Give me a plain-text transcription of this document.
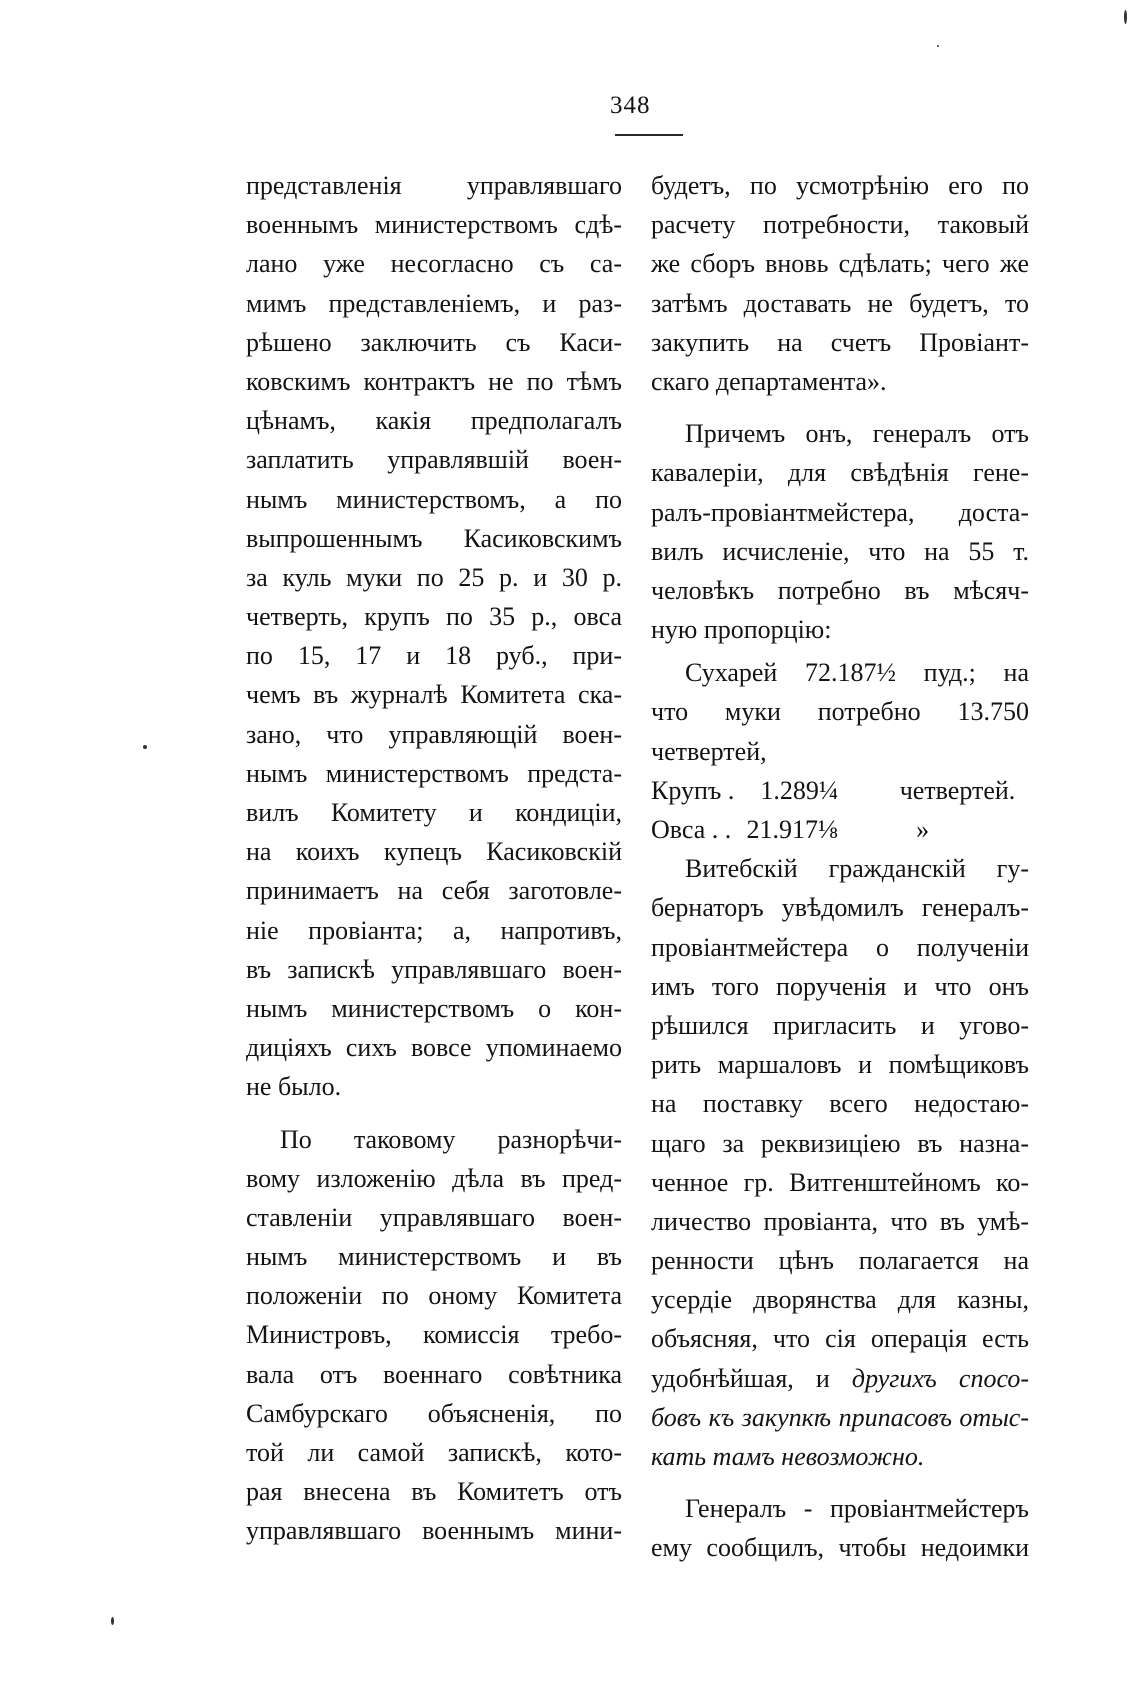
348
представленія управлявшаго
военнымъ министерствомъ сдѣ-
лано уже несогласно съ са-
мимъ представленіемъ, и раз-
рѣшено заключить съ Каси-
ковскимъ контрактъ не по тѣмъ
цѣнамъ, какія предполагалъ
заплатить управлявшій воен-
нымъ министерствомъ, а по
выпрошеннымъ Касиковскимъ
за куль муки по 25 р. и 30 р.
четверть, крупъ по 35 р., овса
по 15, 17 и 18 руб., при-
чемъ въ журналѣ Комитета ска-
зано, что управляющій воен-
нымъ министерствомъ предста-
вилъ Комитету и кондиціи,
на коихъ купецъ Касиковскій
принимаетъ на себя заготовле-
ніе провіанта; а, напротивъ,
въ запискѣ управлявшаго воен-
нымъ министерствомъ о кон-
диціяхъ сихъ вовсе упоминаемо
не было.
По таковому разнорѣчи-
вому изложенію дѣла въ пред-
ставленіи управлявшаго воен-
нымъ министерствомъ и въ
положеніи по оному Комитета
Министровъ, комиссія требо-
вала отъ военнаго совѣтника
Самбурскаго объясненія, по
той ли самой запискѣ, кото-
рая внесена въ Комитетъ отъ
управлявшаго военнымъ мини-
будетъ, по усмотрѣнію его по
расчету потребности, таковый
же сборъ вновь сдѣлать; чего же
затѣмъ доставать не будетъ, то
закупить на счетъ Провіант-
скаго департамента».
Причемъ онъ, генералъ отъ
кавалеріи, для свѣдѣнія гене-
ралъ-провіантмейстера, доста-
вилъ исчисленіе, что на 55 т.
человѣкъ потребно въ мѣсяч-
ную пропорцію:
Сухарей 72.187½ пуд.; на
что муки потребно 13.750
четвертей,
Крупъ .	1.289¼	четвертей.
Овса . . 21.917⅛	»
Витебскій гражданскій гу-
бернаторъ увѣдомилъ генералъ-
провіантмейстера о полученіи
имъ того порученія и что онъ
рѣшился пригласить и угово-
рить маршаловъ и помѣщиковъ
на поставку всего недостаю-
щаго за реквизиціею въ назна-
ченное гр. Витгенштейномъ ко-
личество провіанта, что въ умѣ-
ренности цѣнъ полагается на
усердіе дворянства для казны,
объясняя, что сія операція есть
удобнѣйшая, и другихъ спосо-
бовъ къ закупкѣ припасовъ отыс-
кать тамъ невозможно.
Генералъ - провіантмейстеръ
ему сообщилъ, чтобы недоимки
